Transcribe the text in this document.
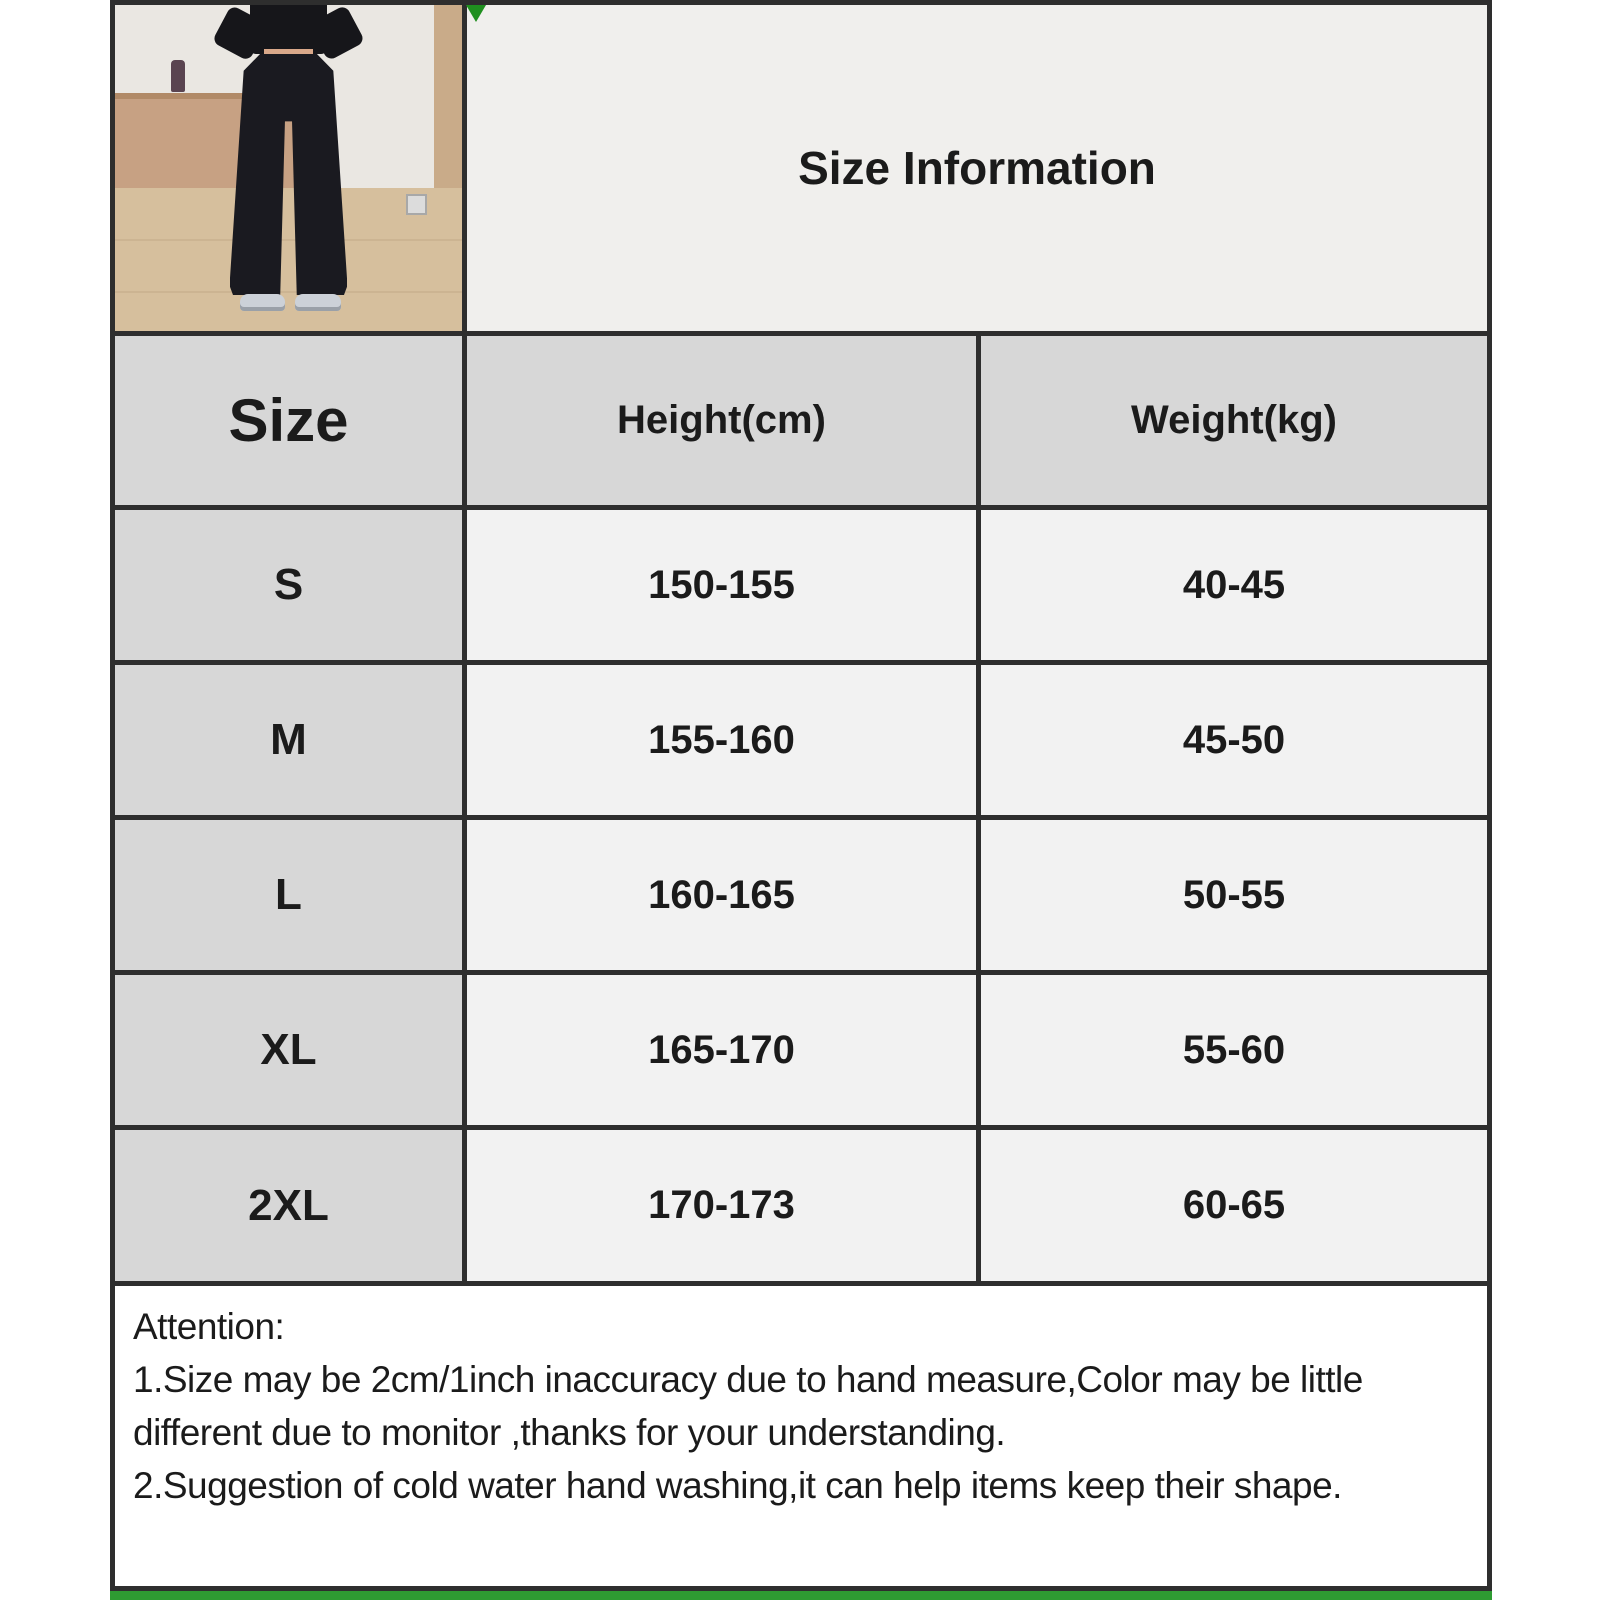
Size Information
Size	Height(cm)	Weight(kg)
S	150-155	40-45
M	155-160	45-50
L	160-165	50-55
XL	165-170	55-60
2XL	170-173	60-65
Attention:
1.Size may be 2cm/1inch inaccuracy due to hand measure,Color may be little
different due to monitor ,thanks for your understanding.
2.Suggestion of cold water hand washing,it can help items keep their shape.
